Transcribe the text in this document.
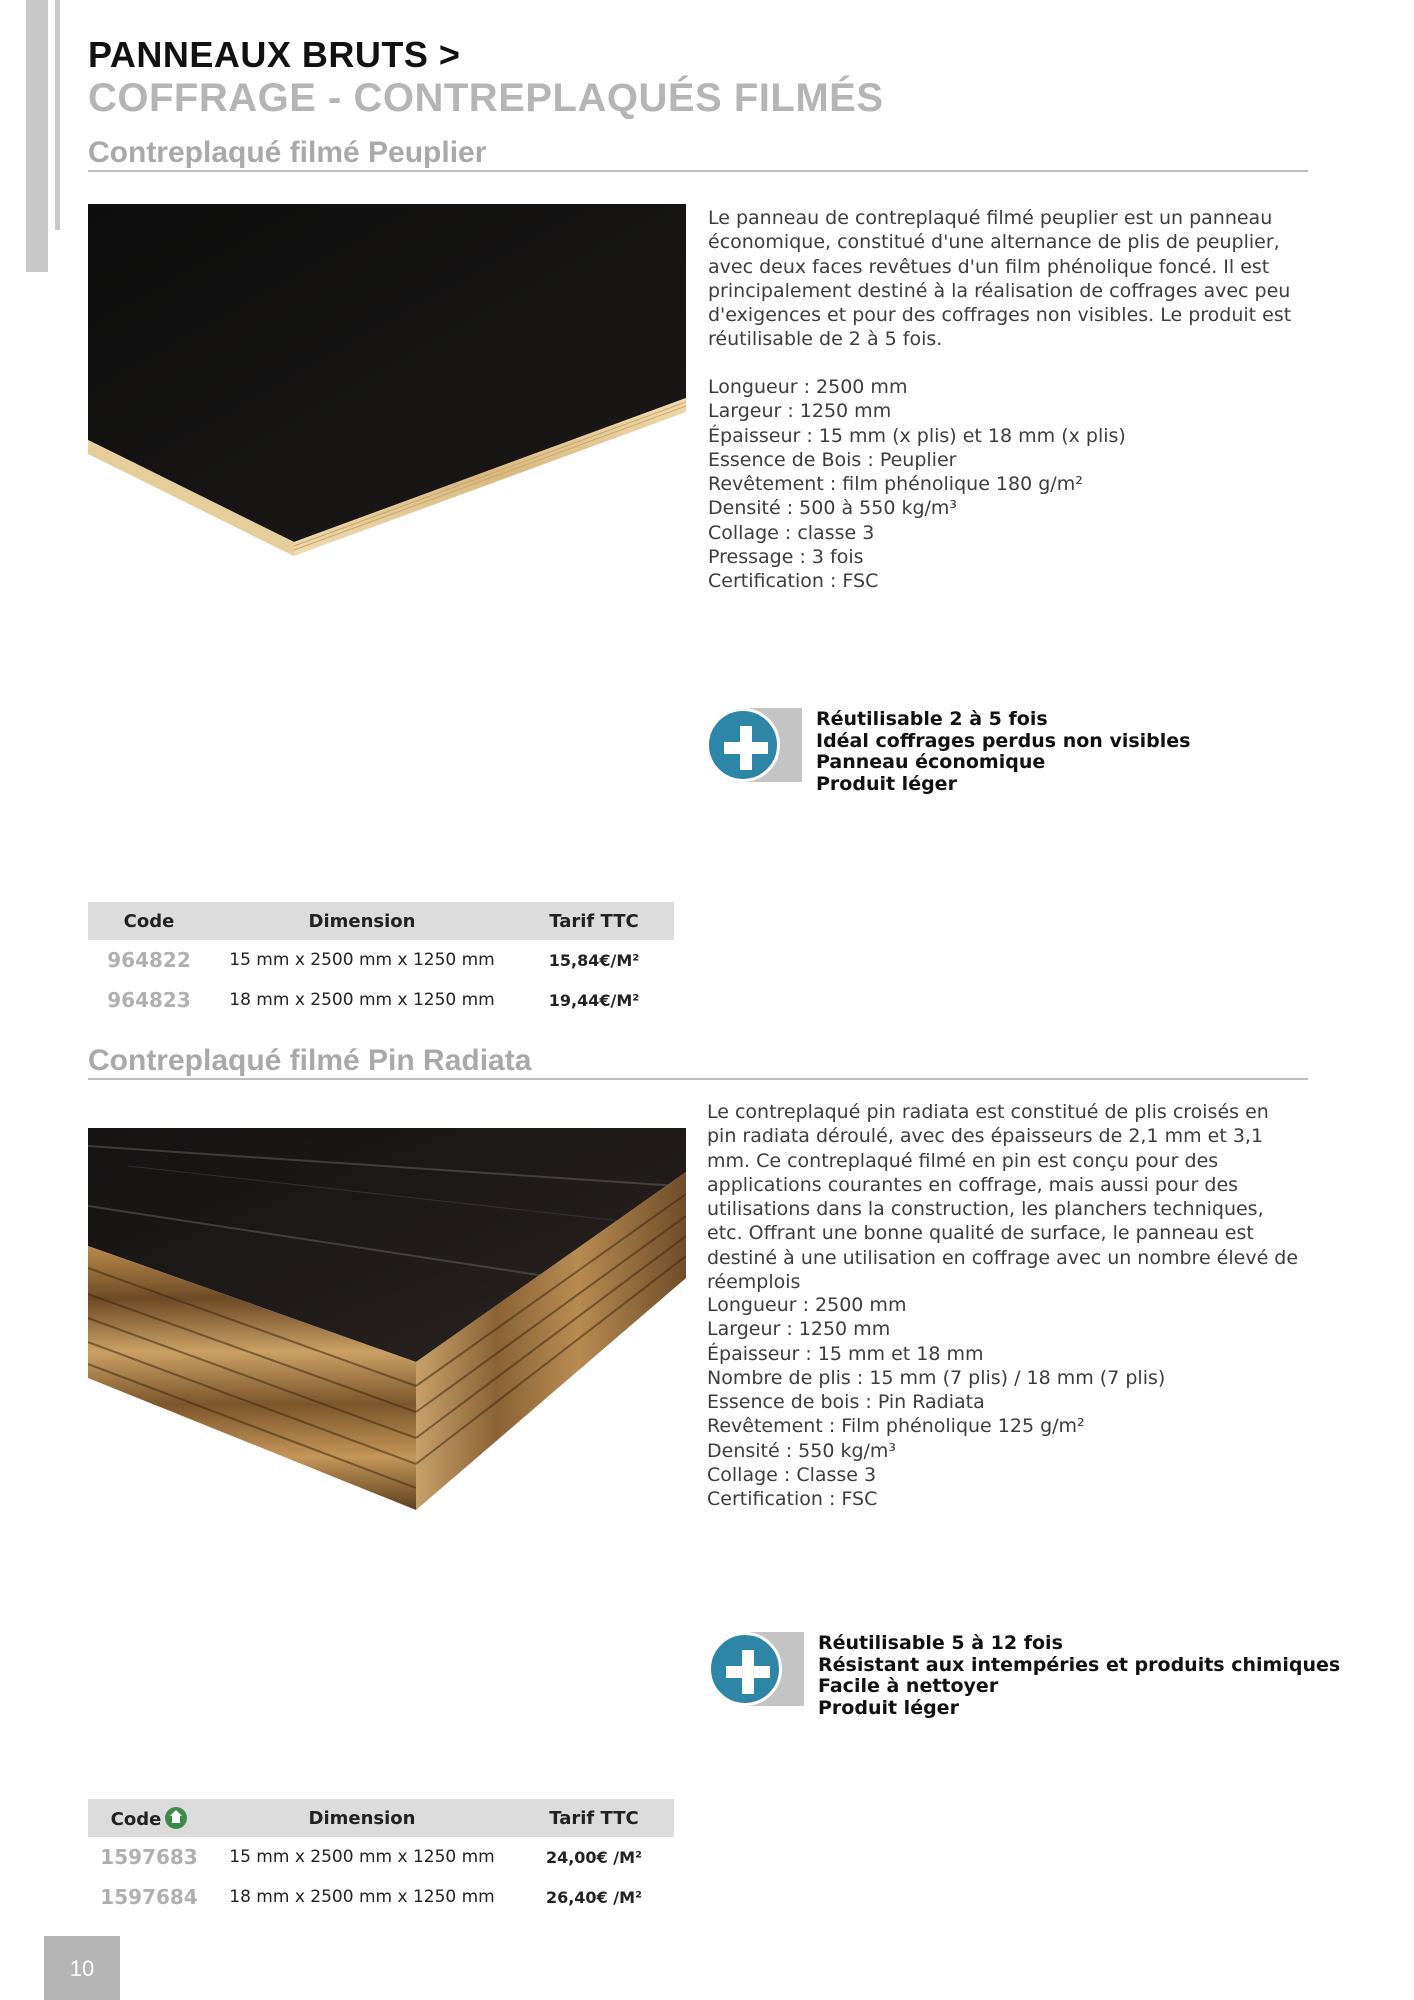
PANNEAUX BRUTS >
COFFRAGE - CONTREPLAQUÉS FILMÉS
Contreplaqué filmé Peuplier

Le panneau de contreplaqué filmé peuplier est un panneau économique, constitué d'une alternance de plis de peuplier, avec deux faces revêtues d'un film phénolique foncé. Il est principalement destiné à la réalisation de coffrages avec peu d'exigences et pour des coffrages non visibles. Le produit est réutilisable de 2 à 5 fois.

Longueur : 2500 mm
Largeur : 1250 mm
Épaisseur : 15 mm (x plis) et 18 mm (x plis)
Essence de Bois : Peuplier
Revêtement : film phénolique 180 g/m²
Densité : 500 à 550 kg/m³
Collage : classe 3
Pressage : 3 fois
Certification : FSC
Réutilisable 2 à 5 fois
Idéal coffrages perdus non visibles
Panneau économique
Produit léger
Code	Dimension	Tarif TTC
964822	15 mm x 2500 mm x 1250 mm	15,84€/M²
964823	18 mm x 2500 mm x 1250 mm	19,44€/M²
Contreplaqué filmé Pin Radiata

Le contreplaqué pin radiata est constitué de plis croisés en pin radiata déroulé, avec des épaisseurs de 2,1 mm et 3,1 mm. Ce contreplaqué filmé en pin est conçu pour des applications courantes en coffrage, mais aussi pour des utilisations dans la construction, les planchers techniques, etc. Offrant une bonne qualité de surface, le panneau est destiné à une utilisation en coffrage avec un nombre élevé de réemplois

Longueur : 2500 mm
Largeur : 1250 mm
Épaisseur : 15 mm et 18 mm
Nombre de plis : 15 mm (7 plis) / 18 mm (7 plis)
Essence de bois : Pin Radiata
Revêtement : Film phénolique 125 g/m²
Densité : 550 kg/m³
Collage : Classe 3
Certification : FSC
Réutilisable 5 à 12 fois
Résistant aux intempéries et produits chimiques
Facile à nettoyer
Produit léger
Code	Dimension	Tarif TTC
1597683	15 mm x 2500 mm x 1250 mm	24,00€ /M²
1597684	18 mm x 2500 mm x 1250 mm	26,40€ /M²
10
